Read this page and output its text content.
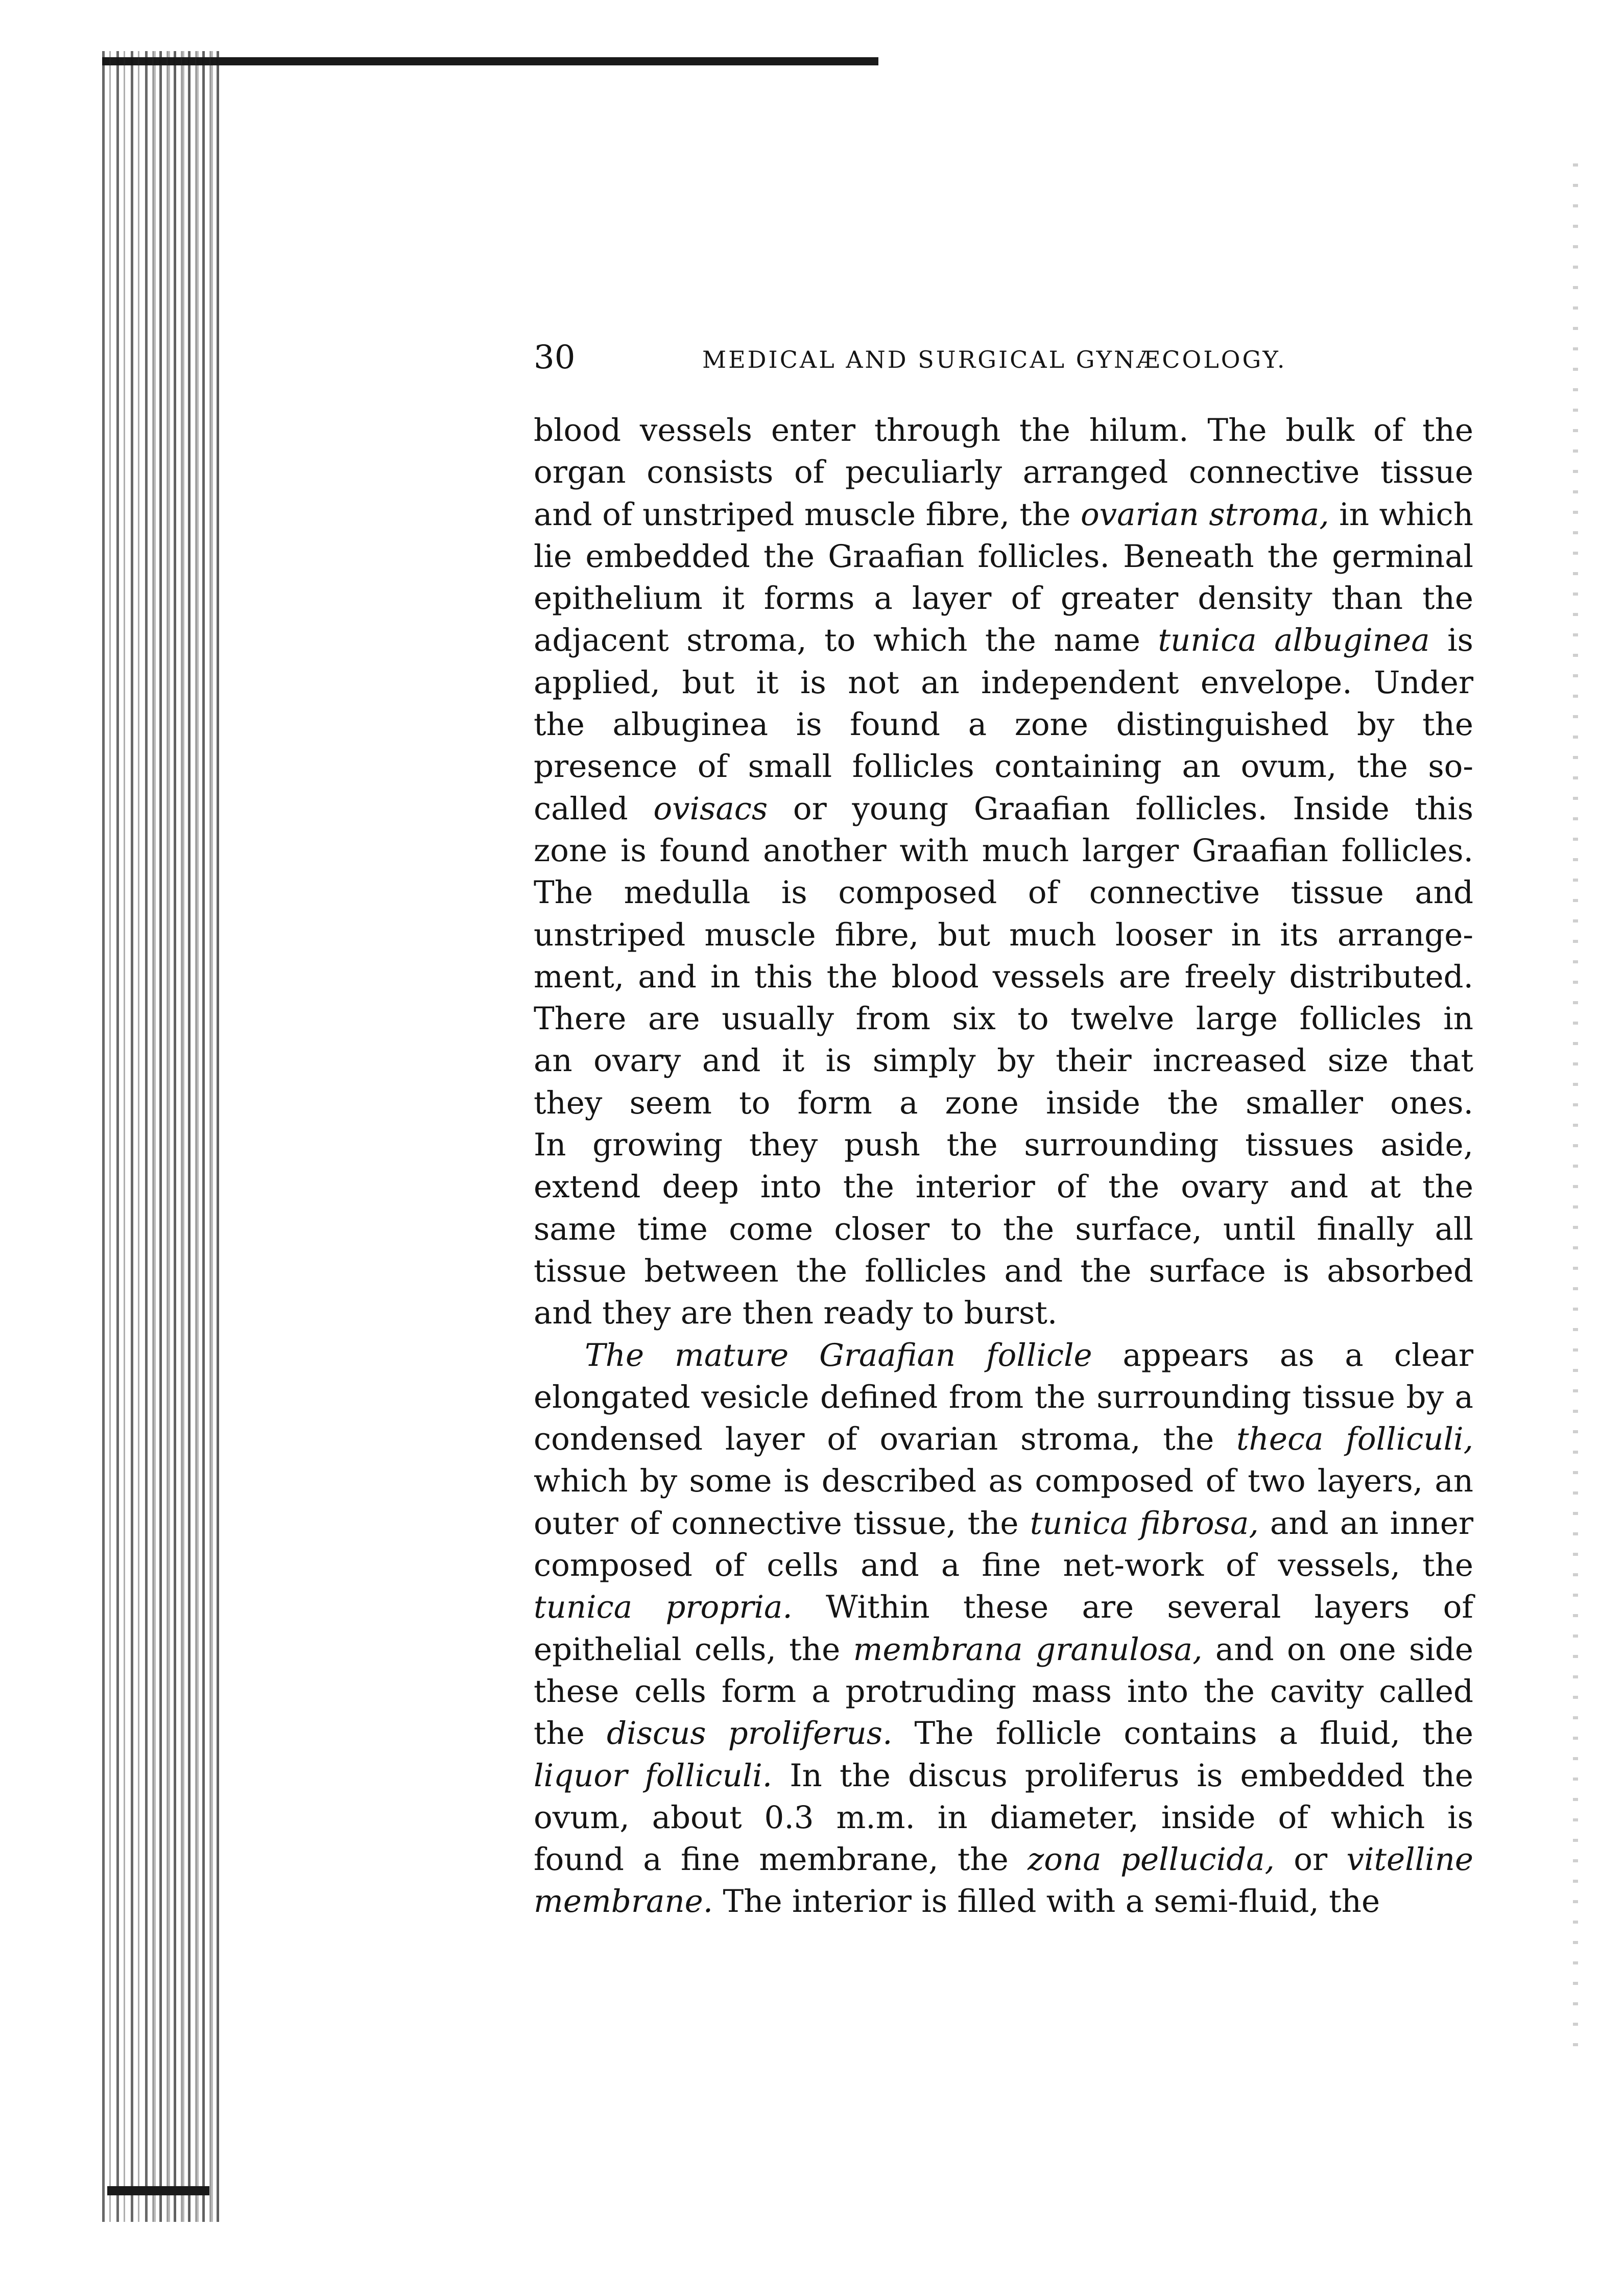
30	MEDICAL AND SURGICAL GYNÆCOLOGY.
blood vessels enter through the hilum. The bulk of the
organ consists of peculiarly arranged connective tissue
and of unstriped muscle fibre, the ovarian stroma, in which
lie embedded the Graafian follicles. Beneath the germinal
epithelium it forms a layer of greater density than the
adjacent stroma, to which the name tunica albuginea is
applied, but it is not an independent envelope. Under
the albuginea is found a zone distinguished by the
presence of small follicles containing an ovum, the so-
called ovisacs or young Graafian follicles. Inside this
zone is found another with much larger Graafian follicles.
The medulla is composed of connective tissue and
unstriped muscle fibre, but much looser in its arrange-
ment, and in this the blood vessels are freely distributed.
There are usually from six to twelve large follicles in
an ovary and it is simply by their increased size that
they seem to form a zone inside the smaller ones.
In growing they push the surrounding tissues aside,
extend deep into the interior of the ovary and at the
same time come closer to the surface, until finally all
tissue between the follicles and the surface is absorbed
and they are then ready to burst.
The mature Graafian follicle appears as a clear
elongated vesicle defined from the surrounding tissue by a
condensed layer of ovarian stroma, the theca folliculi,
which by some is described as composed of two layers, an
outer of connective tissue, the tunica fibrosa, and an inner
composed of cells and a fine net-work of vessels, the
tunica propria. Within these are several layers of
epithelial cells, the membrana granulosa, and on one side
these cells form a protruding mass into the cavity called
the discus proliferus. The follicle contains a fluid, the
liquor folliculi. In the discus proliferus is embedded the
ovum, about 0.3 m.m. in diameter, inside of which is
found a fine membrane, the zona pellucida, or vitelline
membrane. The interior is filled with a semi-fluid, the
